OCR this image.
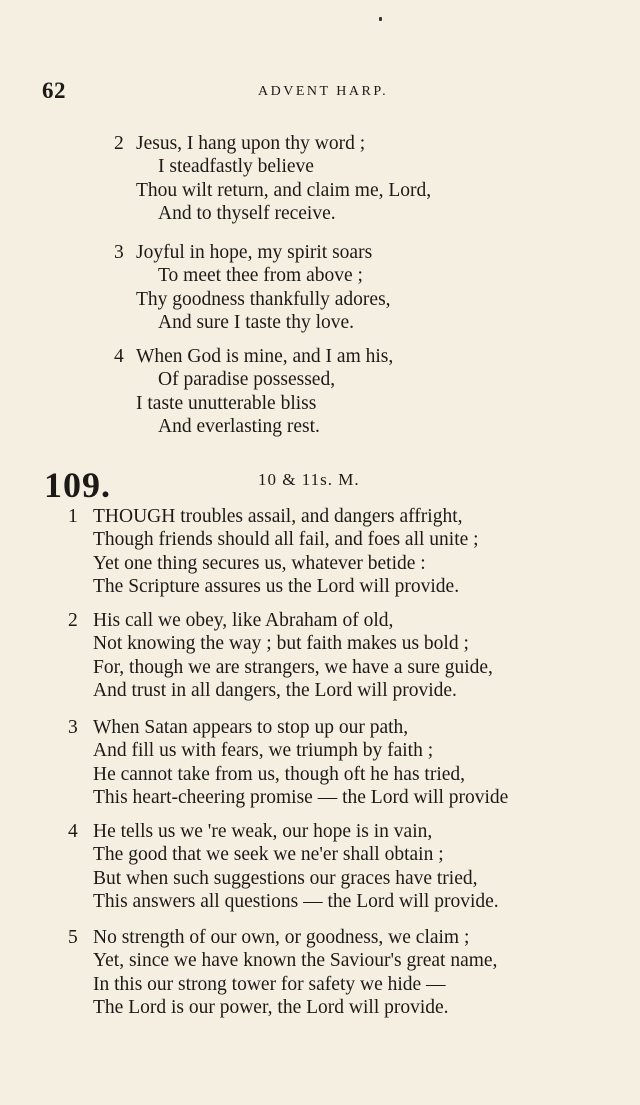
62	ADVENT HARP.
2 Jesus, I hang upon thy word ;
I steadfastly believe
Thou wilt return, and claim me, Lord,
And to thyself receive.
3 Joyful in hope, my spirit soars
To meet thee from above ;
Thy goodness thankfully adores,
And sure I taste thy love.
4 When God is mine, and I am his,
Of paradise possessed,
I taste unutterable bliss
And everlasting rest.
109.	10 & 11s. M.
1 THOUGH troubles assail, and dangers affright,
Though friends should all fail, and foes all unite ;
Yet one thing secures us, whatever betide :
The Scripture assures us the Lord will provide.
2 His call we obey, like Abraham of old,
Not knowing the way ; but faith makes us bold ;
For, though we are strangers, we have a sure guide,
And trust in all dangers, the Lord will provide.
3 When Satan appears to stop up our path,
And fill us with fears, we triumph by faith ;
He cannot take from us, though oft he has tried,
This heart-cheering promise — the Lord will provide
4 He tells us we 're weak, our hope is in vain,
The good that we seek we ne'er shall obtain ;
But when such suggestions our graces have tried,
This answers all questions — the Lord will provide.
5 No strength of our own, or goodness, we claim ;
Yet, since we have known the Saviour's great name,
In this our strong tower for safety we hide —
The Lord is our power, the Lord will provide.
